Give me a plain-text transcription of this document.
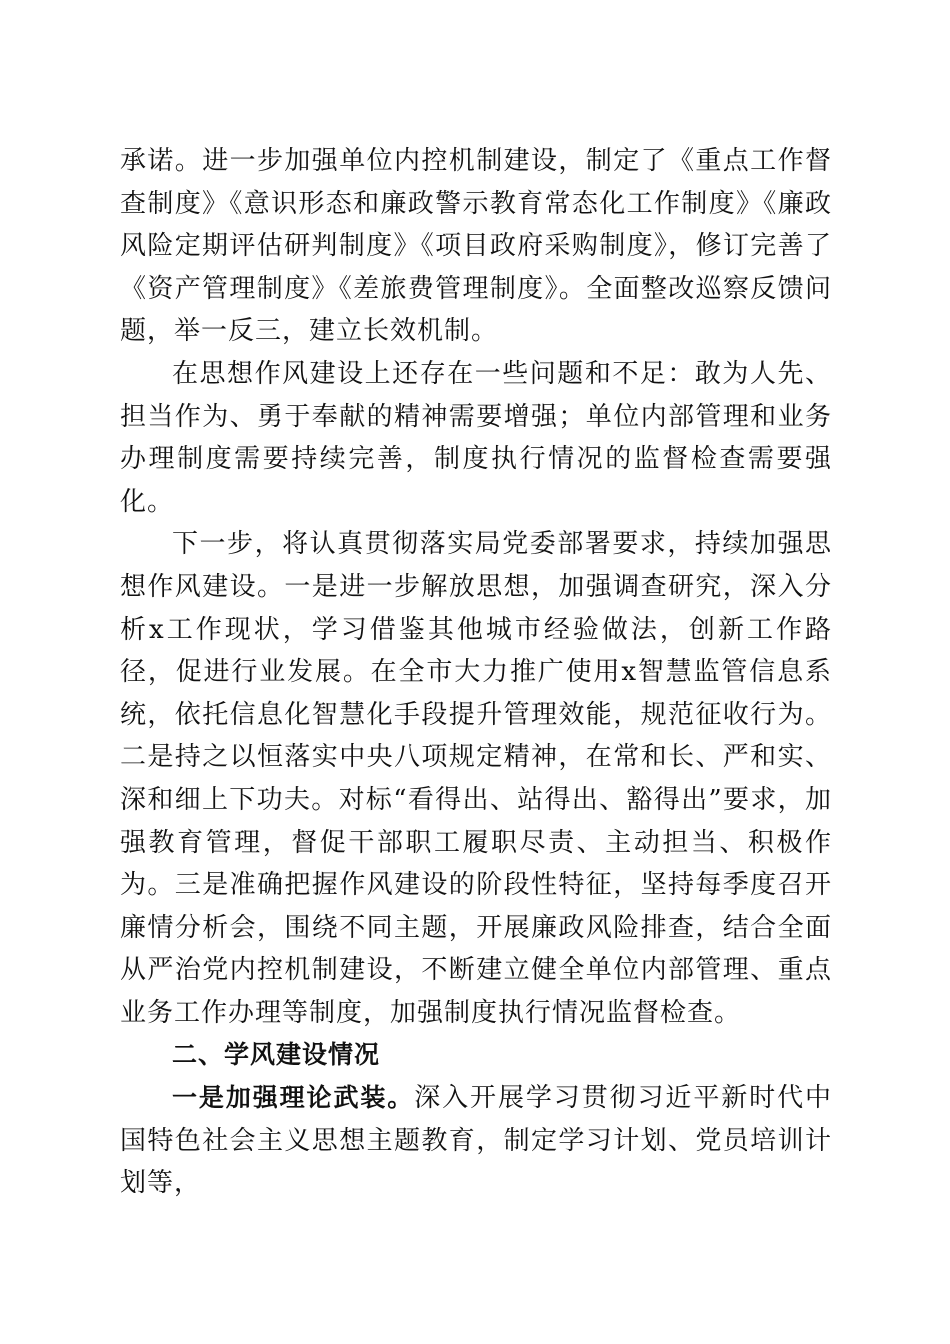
承诺。进一步加强单位内控机制建设，制定了《重点工作督查制度》《意识形态和廉政警示教育常态化工作制度》《廉政风险定期评估研判制度》《项目政府采购制度》，修订完善了《资产管理制度》《差旅费管理制度》。全面整改巡察反馈问题，举一反三，建立长效机制。

在思想作风建设上还存在一些问题和不足：敢为人先、担当作为、勇于奉献的精神需要增强；单位内部管理和业务办理制度需要持续完善，制度执行情况的监督检查需要强化。

下一步，将认真贯彻落实局党委部署要求，持续加强思想作风建设。一是进一步解放思想，加强调查研究，深入分析x工作现状，学习借鉴其他城市经验做法，创新工作路径，促进行业发展。在全市大力推广使用x智慧监管信息系统，依托信息化智慧化手段提升管理效能，规范征收行为。二是持之以恒落实中央八项规定精神，在常和长、严和实、深和细上下功夫。对标“看得出、站得出、豁得出”要求，加强教育管理，督促干部职工履职尽责、主动担当、积极作为。三是准确把握作风建设的阶段性特征，坚持每季度召开廉情分析会，围绕不同主题，开展廉政风险排查，结合全面从严治党内控机制建设，不断建立健全单位内部管理、重点业务工作办理等制度，加强制度执行情况监督检查。

二、学风建设情况

一是加强理论武装。深入开展学习贯彻习近平新时代中国特色社会主义思想主题教育，制定学习计划、党员培训计划等，
